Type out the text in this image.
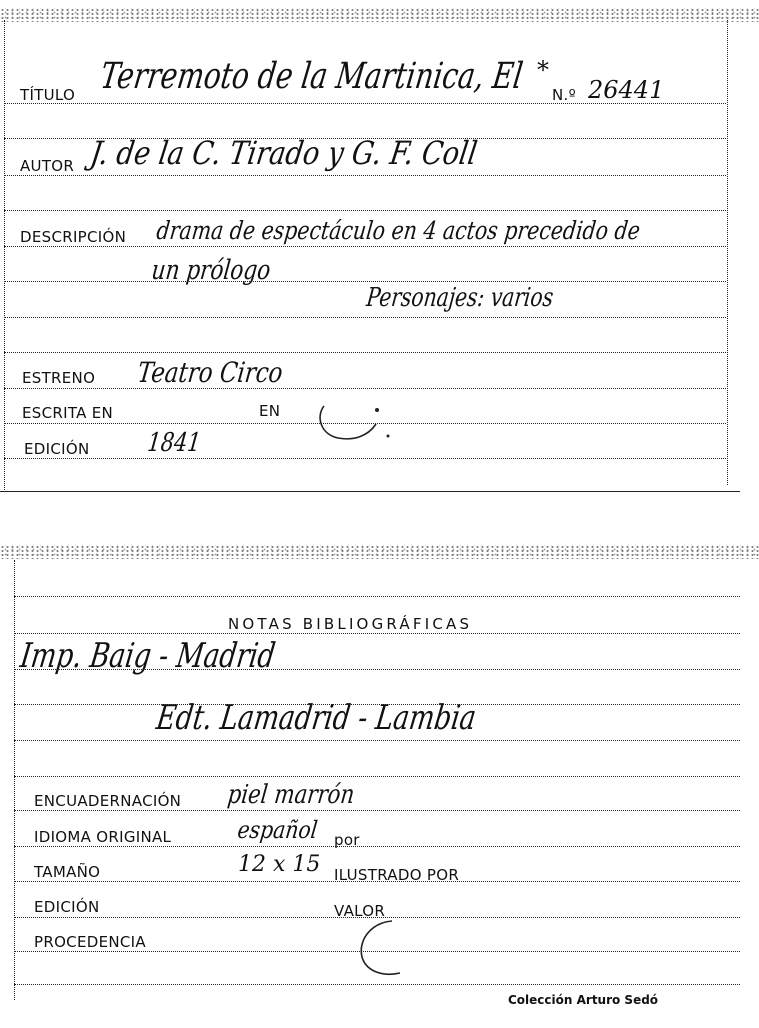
TÍTULO Terremoto de la Martinica, El *
N.º 26441
AUTOR J. de la C. Tirado y G. F. Coll
DESCRIPCIÓN drama de espectáculo en 4 actos precedido de
un prólogo
Personajes: varios
ESTRENO Teatro Circo
ESCRITA EN	EN
EDICIÓN 1841
NOTAS BIBLIOGRÁFICAS
Imp. Baig - Madrid
Edt. Lamadrid - Lambia
ENCUADERNACIÓN piel marrón
IDIOMA ORIGINAL	español por
TAMAÑO	12 x 15 ILUSTRADO POR
EDICIÓN	VALOR
PROCEDENCIA
Colección Arturo Sedó
